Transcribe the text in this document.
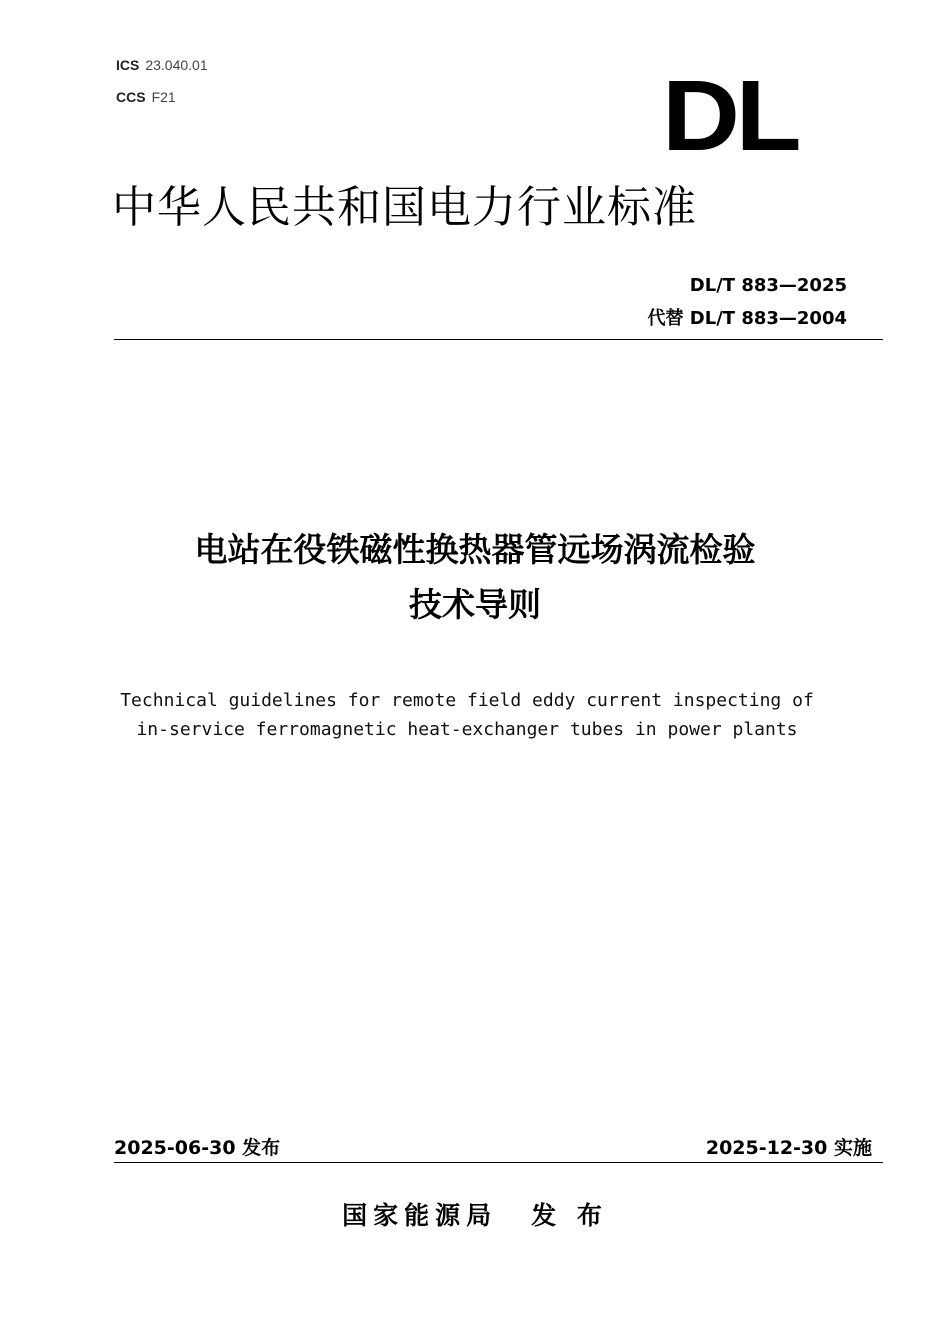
ICS 23.040.01
CCS F21	DL
中华人民共和国电力行业标准
DL/T 883—2025
代替 DL/T 883—2004
电站在役铁磁性换热器管远场涡流检验
技术导则
Technical guidelines for remote field eddy current inspecting of
in-service ferromagnetic heat-exchanger tubes in power plants
2025-06-30 发布	2025-12-30 实施
国家能源局 发 布
